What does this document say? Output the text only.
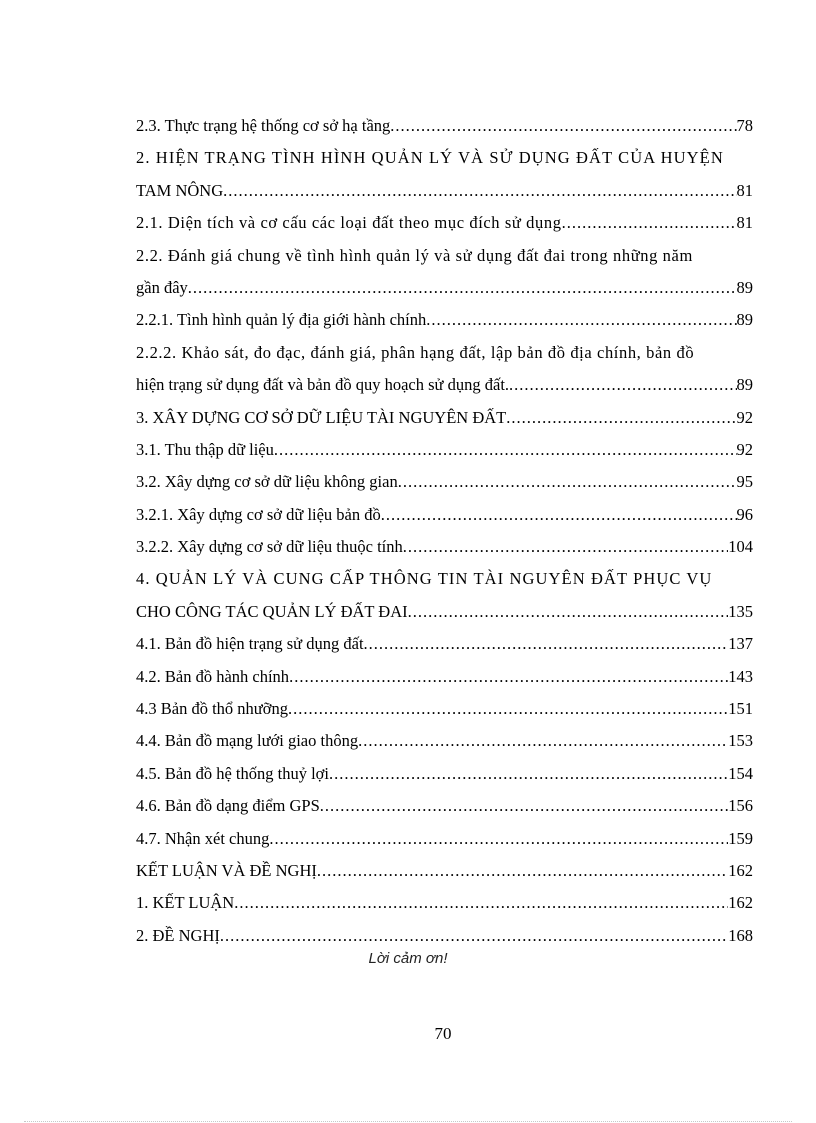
2.3. Thực trạng hệ thống cơ sở hạ tầng .....	78
2. HIỆN TRẠNG TÌNH HÌNH QUẢN LÝ VÀ SỬ DỤNG ĐẤT CỦA HUYỆN
TAM NÔNG .....	81
2.1. Diện tích và cơ cấu các loại đất theo mục đích sử dụng .....	81
2.2. Đánh giá chung về tình hình quản lý và sử dụng đất đai trong những năm
gần đây .....	89
2.2.1. Tình hình quản lý địa giới hành chính .....	89
2.2.2. Khảo sát, đo đạc, đánh giá, phân hạng đất, lập bản đồ địa chính, bản đồ
hiện trạng sử dụng đất và bản đồ quy hoạch sử dụng đất. .....	89
3. XÂY DỰNG CƠ SỞ DỮ LIỆU TÀI NGUYÊN ĐẤT .....	92
3.1. Thu thập dữ liệu .....	92
3.2. Xây dựng cơ sở dữ liệu không gian .....	95
3.2.1. Xây dựng cơ sở dữ liệu bản đồ .....	96
3.2.2. Xây dựng cơ sở dữ liệu thuộc tính .....	104
4. QUẢN LÝ VÀ CUNG CẤP THÔNG TIN TÀI NGUYÊN ĐẤT PHỤC VỤ
CHO CÔNG TÁC QUẢN LÝ ĐẤT ĐAI .....	135
4.1. Bản đồ hiện trạng sử dụng đất .....	137
4.2. Bản đồ hành chính .....	143
4.3 Bản đồ thổ nhưỡng .....	151
4.4. Bản đồ mạng lưới giao thông .....	153
4.5. Bản đồ hệ thống thuỷ lợi .....	154
4.6. Bản đồ dạng điểm GPS .....	156
4.7. Nhận xét chung .....	159
KẾT LUẬN VÀ ĐỀ NGHỊ .....	162
1. KẾT LUẬN .....	162
2. ĐỀ NGHỊ .....	168
Lời cảm ơn!
70
